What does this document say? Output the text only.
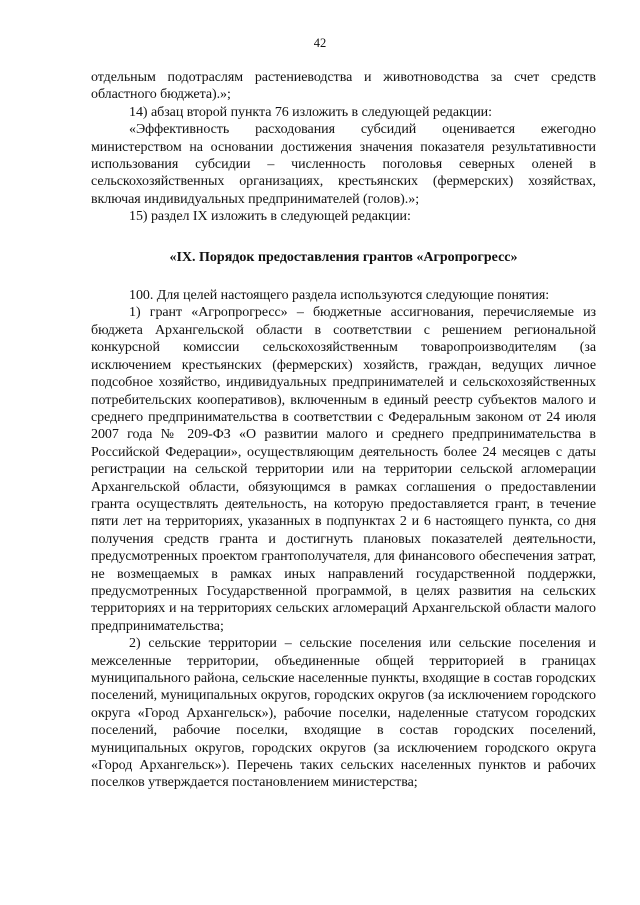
42

отдельным подотраслям растениеводства и животноводства за счет средств областного бюджета).»;

14) абзац второй пункта 76 изложить в следующей редакции:

«Эффективность расходования субсидий оценивается ежегодно министерством на основании достижения значения показателя результативности использования субсидии – численность поголовья северных оленей в сельскохозяйственных организациях, крестьянских (фермерских) хозяйствах, включая индивидуальных предпринимателей (голов).»;

15) раздел IX изложить в следующей редакции:

«IX. Порядок предоставления грантов «Агропрогресс»

100. Для целей настоящего раздела используются следующие понятия:

1) грант «Агропрогресс» – бюджетные ассигнования, перечисляемые из бюджета Архангельской области в соответствии с решением региональной конкурсной комиссии сельскохозяйственным товаропроизводителям (за исключением крестьянских (фермерских) хозяйств, граждан, ведущих личное подсобное хозяйство, индивидуальных предпринимателей и сельскохозяйственных потребительских кооперативов), включенным в единый реестр субъектов малого и среднего предпринимательства в соответствии с Федеральным законом от 24 июля 2007 года № 209-ФЗ «О развитии малого и среднего предпринимательства в Российской Федерации», осуществляющим деятельность более 24 месяцев с даты регистрации на сельской территории или на территории сельской агломерации Архангельской области, обязующимся в рамках соглашения о предоставлении гранта осуществлять деятельность, на которую предоставляется грант, в течение пяти лет на территориях, указанных в подпунктах 2 и 6 настоящего пункта, со дня получения средств гранта и достигнуть плановых показателей деятельности, предусмотренных проектом грантополучателя, для финансового обеспечения затрат, не возмещаемых в рамках иных направлений государственной поддержки, предусмотренных Государственной программой, в целях развития на сельских территориях и на территориях сельских агломераций Архангельской области малого предпринимательства;

2) сельские территории – сельские поселения или сельские поселения и межселенные территории, объединенные общей территорией в границах муниципального района, сельские населенные пункты, входящие в состав городских поселений, муниципальных округов, городских округов (за исключением городского округа «Город Архангельск»), рабочие поселки, наделенные статусом городских поселений, рабочие поселки, входящие в состав городских поселений, муниципальных округов, городских округов (за исключением городского округа «Город Архангельск»). Перечень таких сельских населенных пунктов и рабочих поселков утверждается постановлением министерства;
